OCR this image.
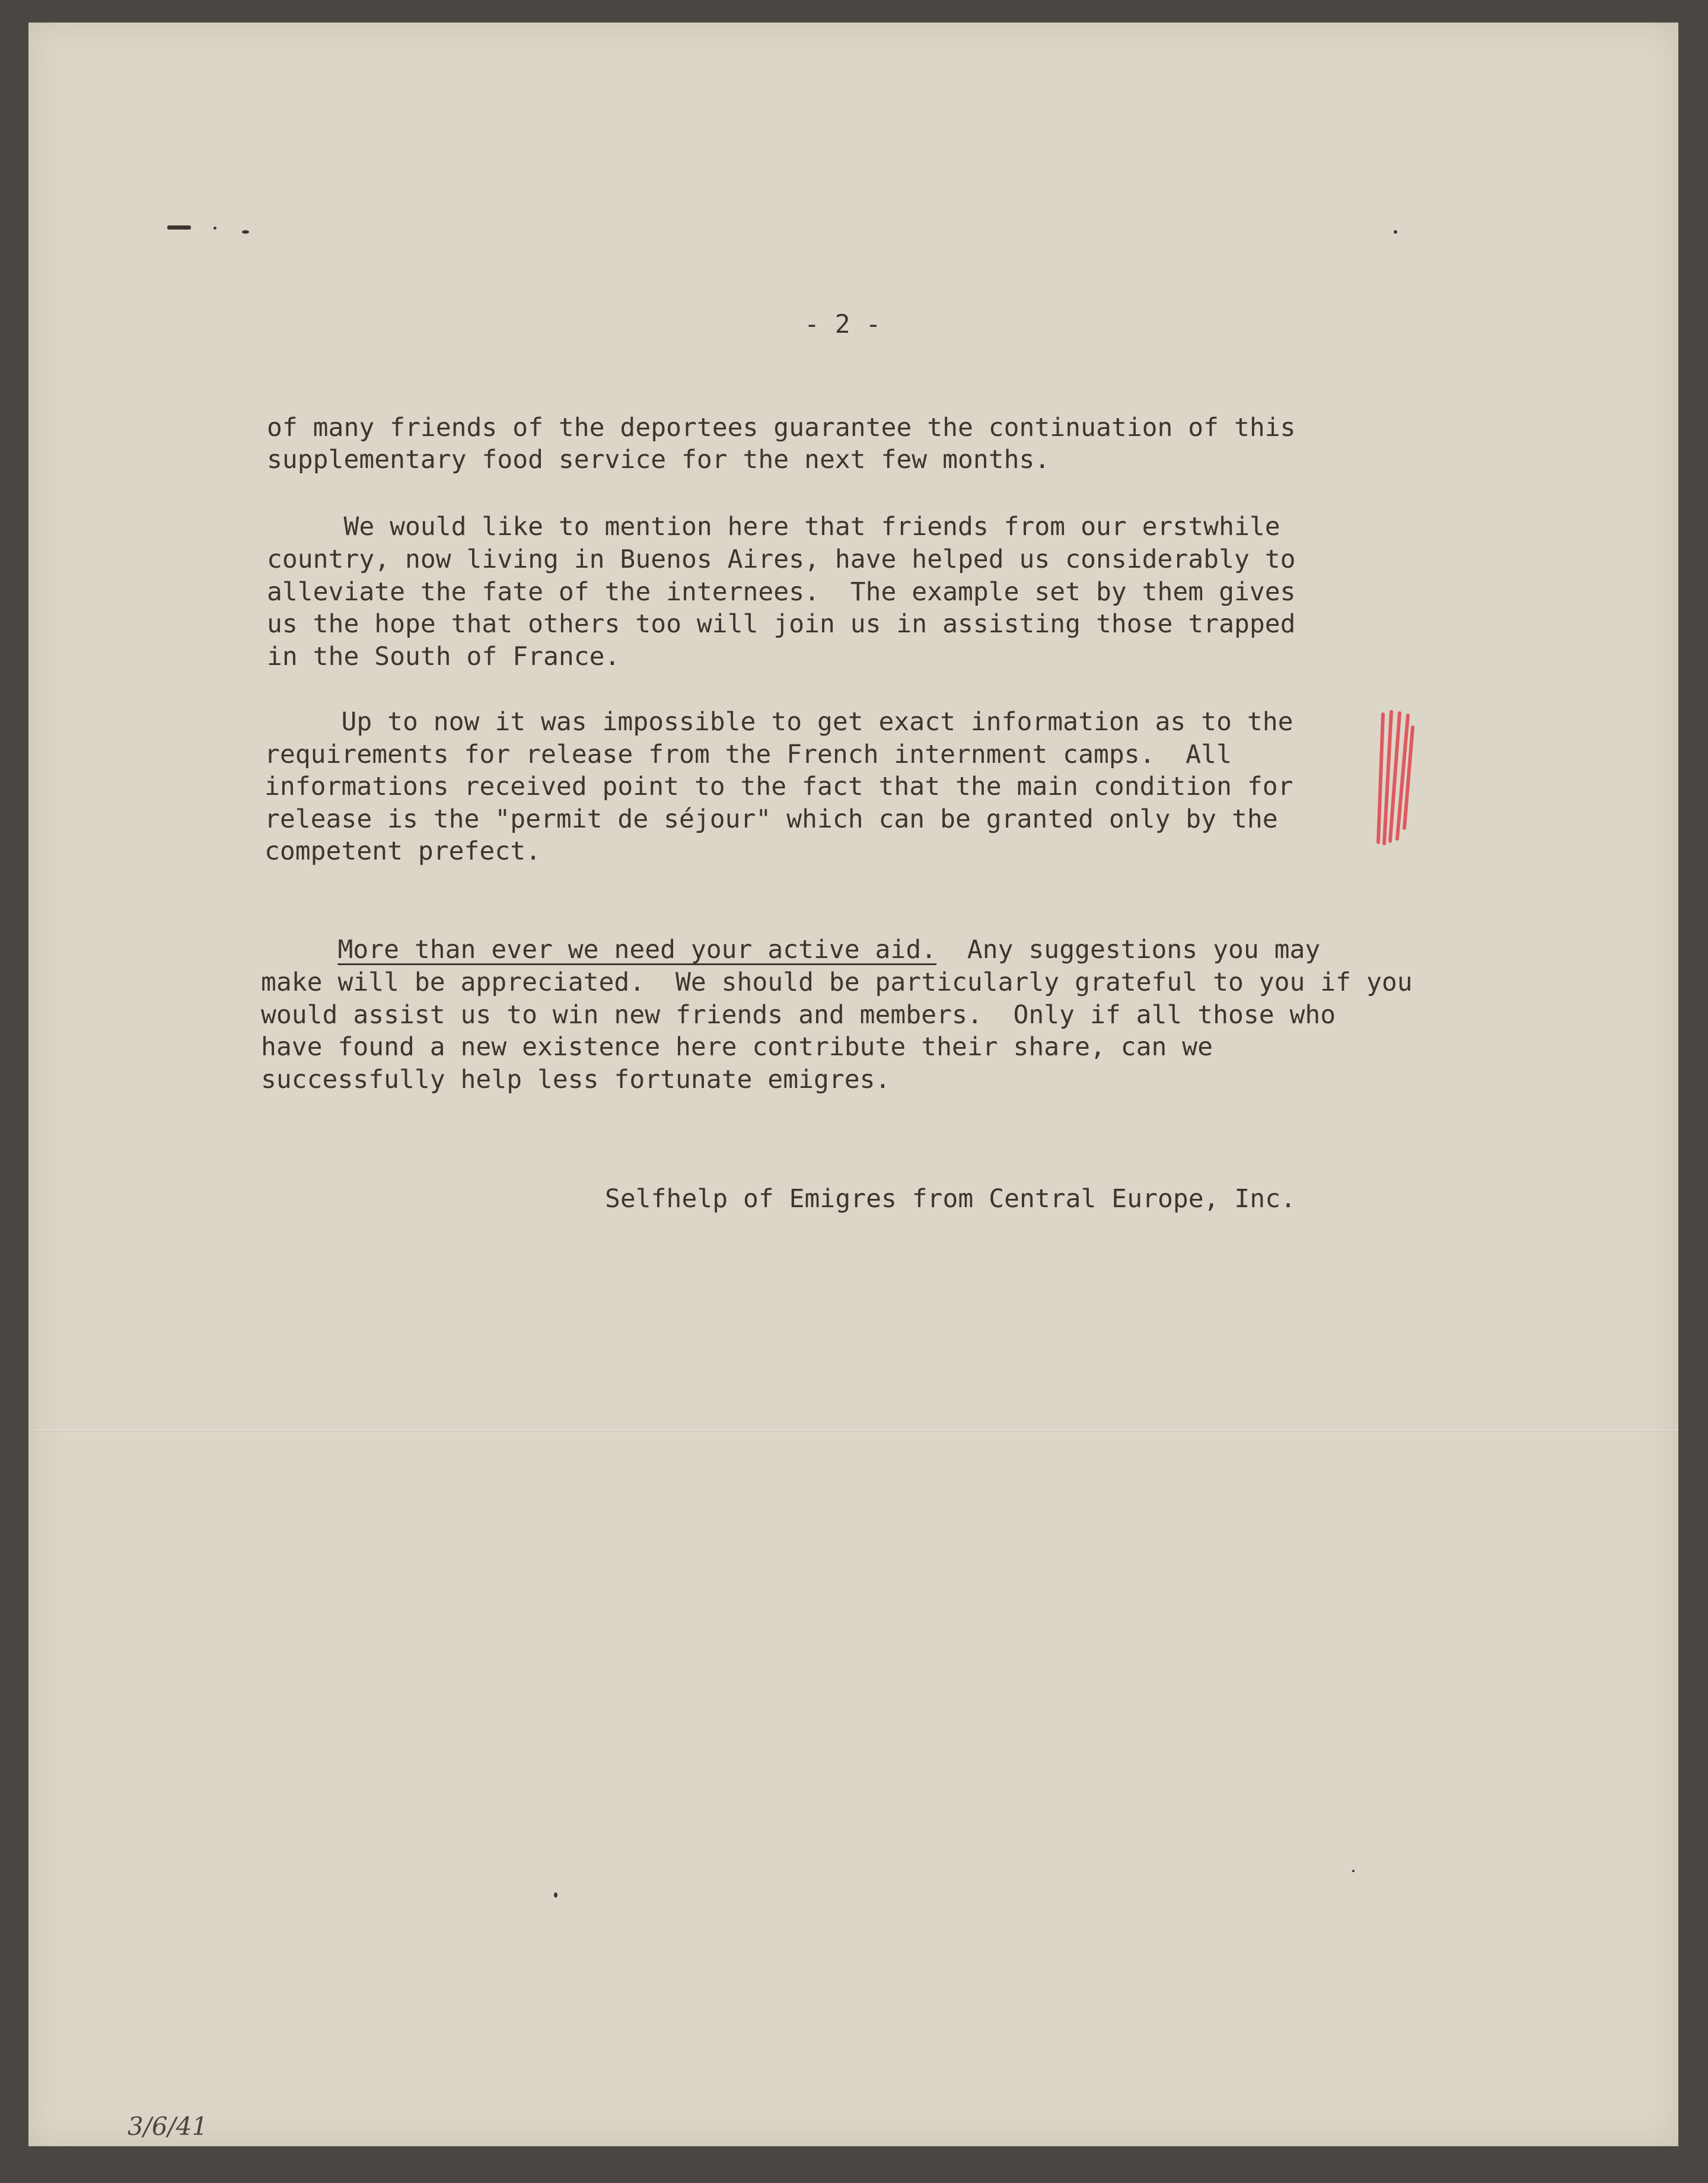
- 2 -
of many friends of the deportees guarantee the continuation of this
supplementary food service for the next few months.
We would like to mention here that friends from our erstwhile
country, now living in Buenos Aires, have helped us considerably to
alleviate the fate of the internees.  The example set by them gives
us the hope that others too will join us in assisting those trapped
in the South of France.
Up to now it was impossible to get exact information as to the
requirements for release from the French internment camps.  All
informations received point to the fact that the main condition for
release is the "permit de séjour" which can be granted only by the
competent prefect.
More than ever we need your active aid.  Any suggestions you may
make will be appreciated.  We should be particularly grateful to you if you
would assist us to win new friends and members.  Only if all those who
have found a new existence here contribute their share, can we
successfully help less fortunate emigres.
Selfhelp of Emigres from Central Europe, Inc.
3/6/41
